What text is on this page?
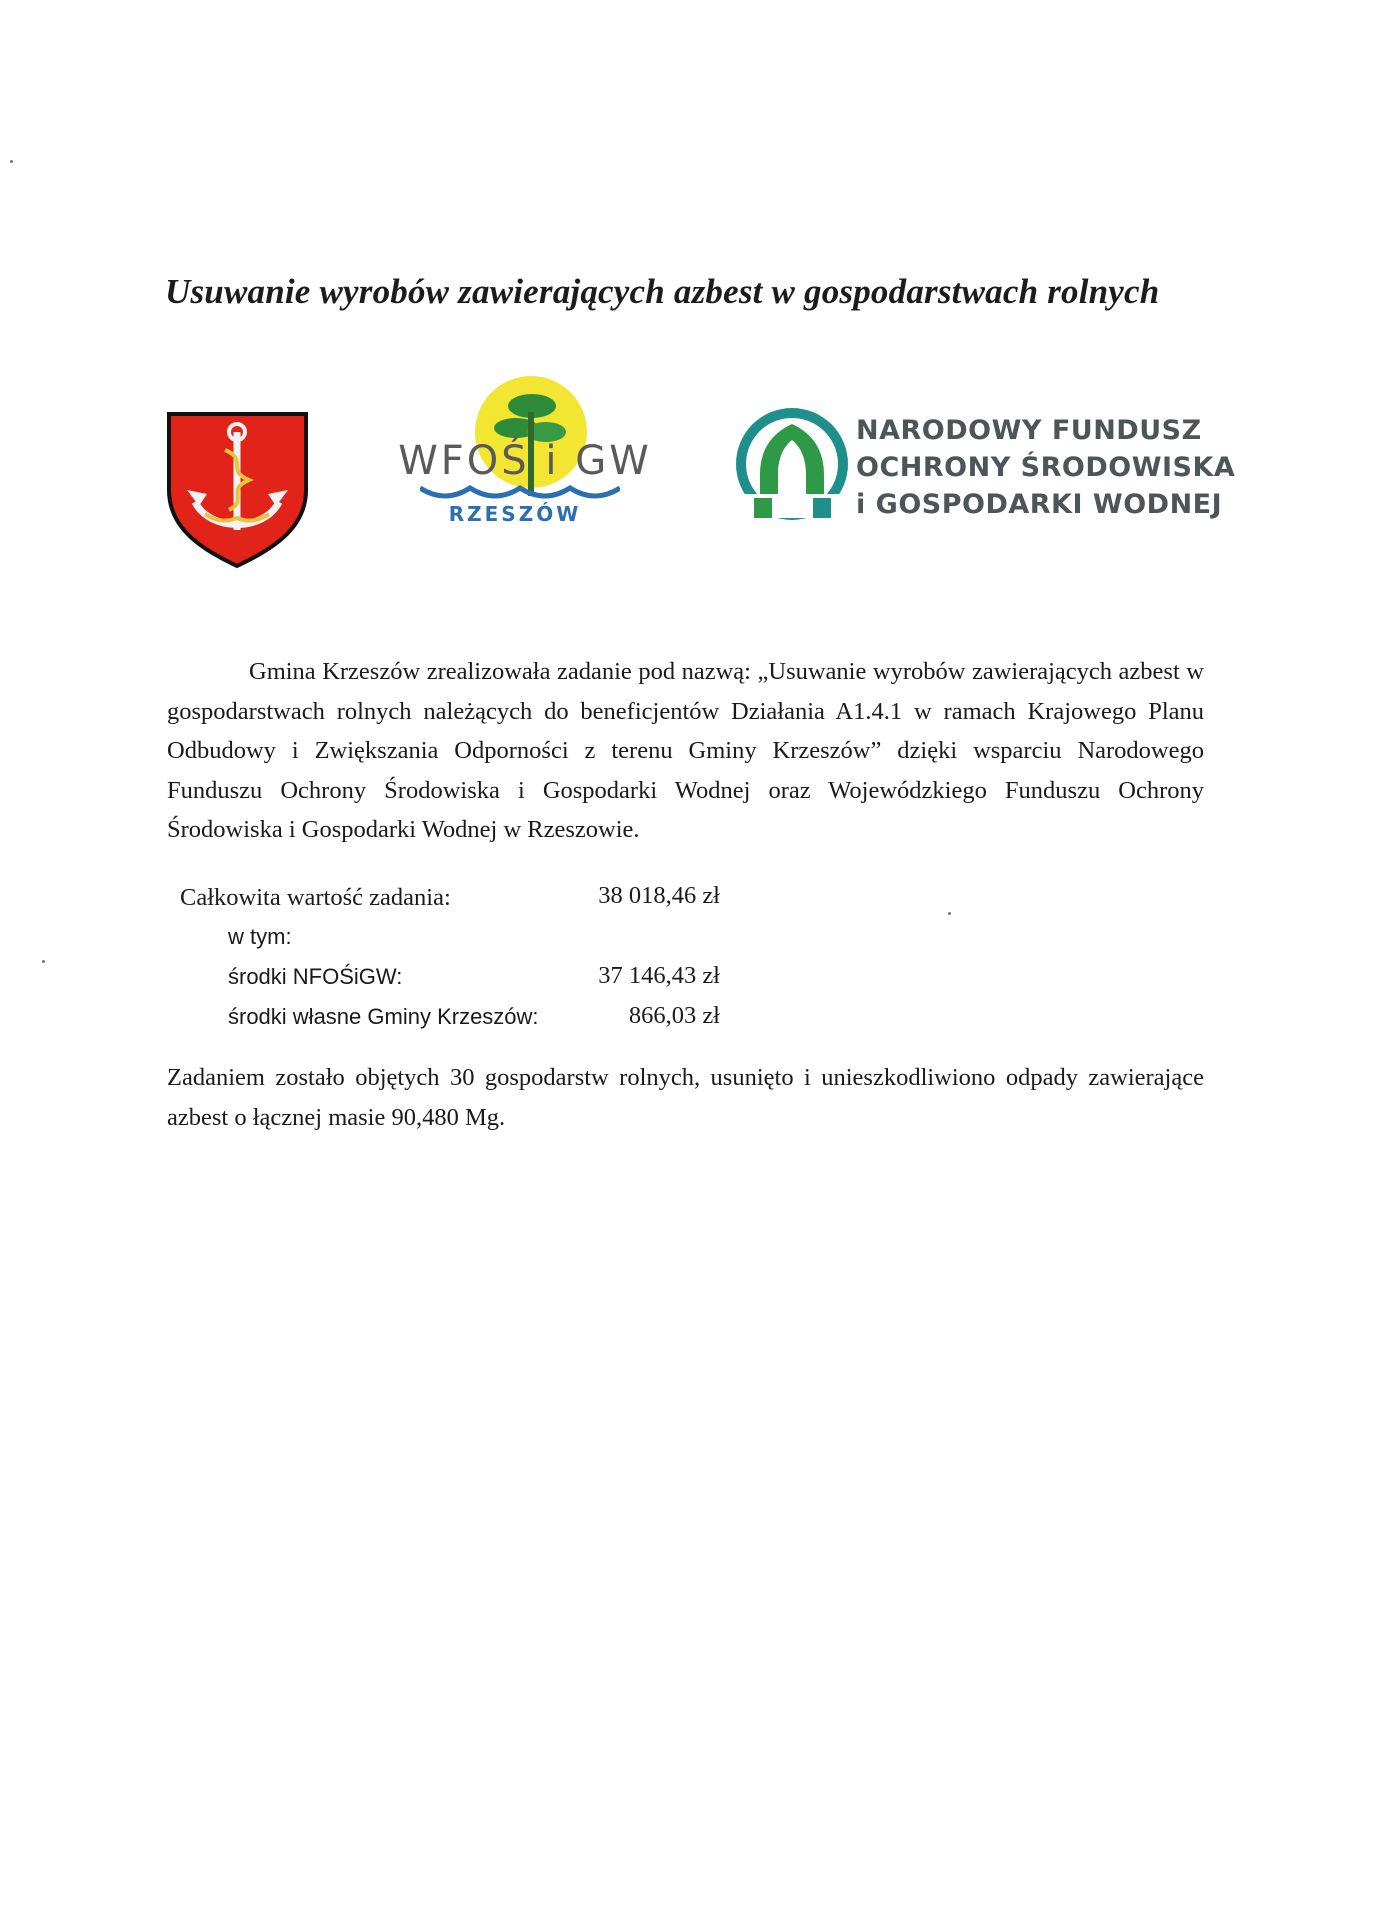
Usuwanie wyrobów zawierających azbest w gospodarstwach rolnych
WFOŚ i GW
RZESZÓW
NARODOWY FUNDUSZ
OCHRONY ŚRODOWISKA
i GOSPODARKI WODNEJ

Gmina Krzeszów zrealizowała zadanie pod nazwą: „Usuwanie wyrobów zawierających azbest w gospodarstwach rolnych należących do beneficjentów Działania A1.4.1 w ramach Krajowego Planu Odbudowy i Zwiększania Odporności z terenu Gminy Krzeszów” dzięki wsparciu Narodowego Funduszu Ochrony Środowiska i Gospodarki Wodnej oraz Wojewódzkiego Funduszu Ochrony Środowiska i Gospodarki Wodnej w Rzeszowie.

Całkowita wartość zadania:	38 018,46 zł
w tym:
środki NFOŚiGW:	37 146,43 zł
środki własne Gminy Krzeszów:	866,03 zł

Zadaniem zostało objętych 30 gospodarstw rolnych, usunięto i unieszkodliwiono odpady zawierające azbest o łącznej masie 90,480 Mg.
